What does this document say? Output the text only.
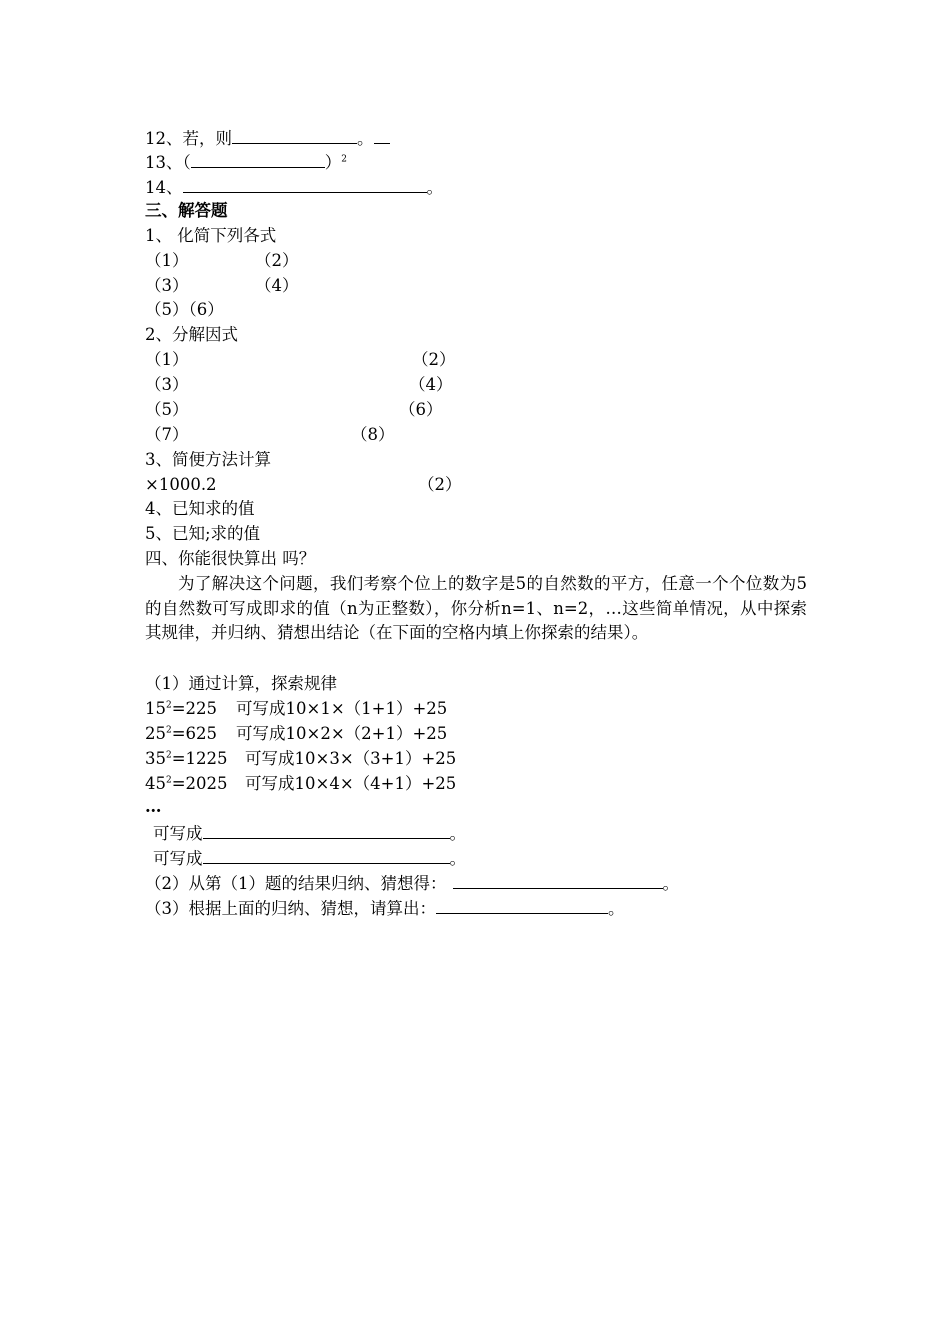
12、若，则	。
13、（	）$^2$
14、	。
三、解答题
1、 化简下列各式
（1）	（2）
（3）	（4）
（5）（6）
2、分解因式
（1）	（2）
（3）	（4）
（5）	（6）
（7）	（8）
3、简便方法计算
×1000.2	（2）
4、已知求的值
5、已知;求的值
四、你能很快算出 吗？
为了解决这个问题，我们考察个位上的数字是5的自然数的平方，任意一个个位数为5的自然数可写成即求的值（n为正整数），你分析n=1、n=2，…这些简单情况，从中探索其规律，并归纳、猜想出结论（在下面的空格内填上你探索的结果）。
（1）通过计算，探索规律
$15^2=225$ 可写成10×1×（1+1）+25
$25^2=625$ 可写成10×2×（2+1）+25
$35^2=1225$ 可写成10×3×（3+1）+25
$45^2=2025$ 可写成10×4×（4+1）+25
…
可写成	。
可写成	。
（2）从第（1）题的结果归纳、猜想得：	。
（3）根据上面的归纳、猜想，请算出：	。
